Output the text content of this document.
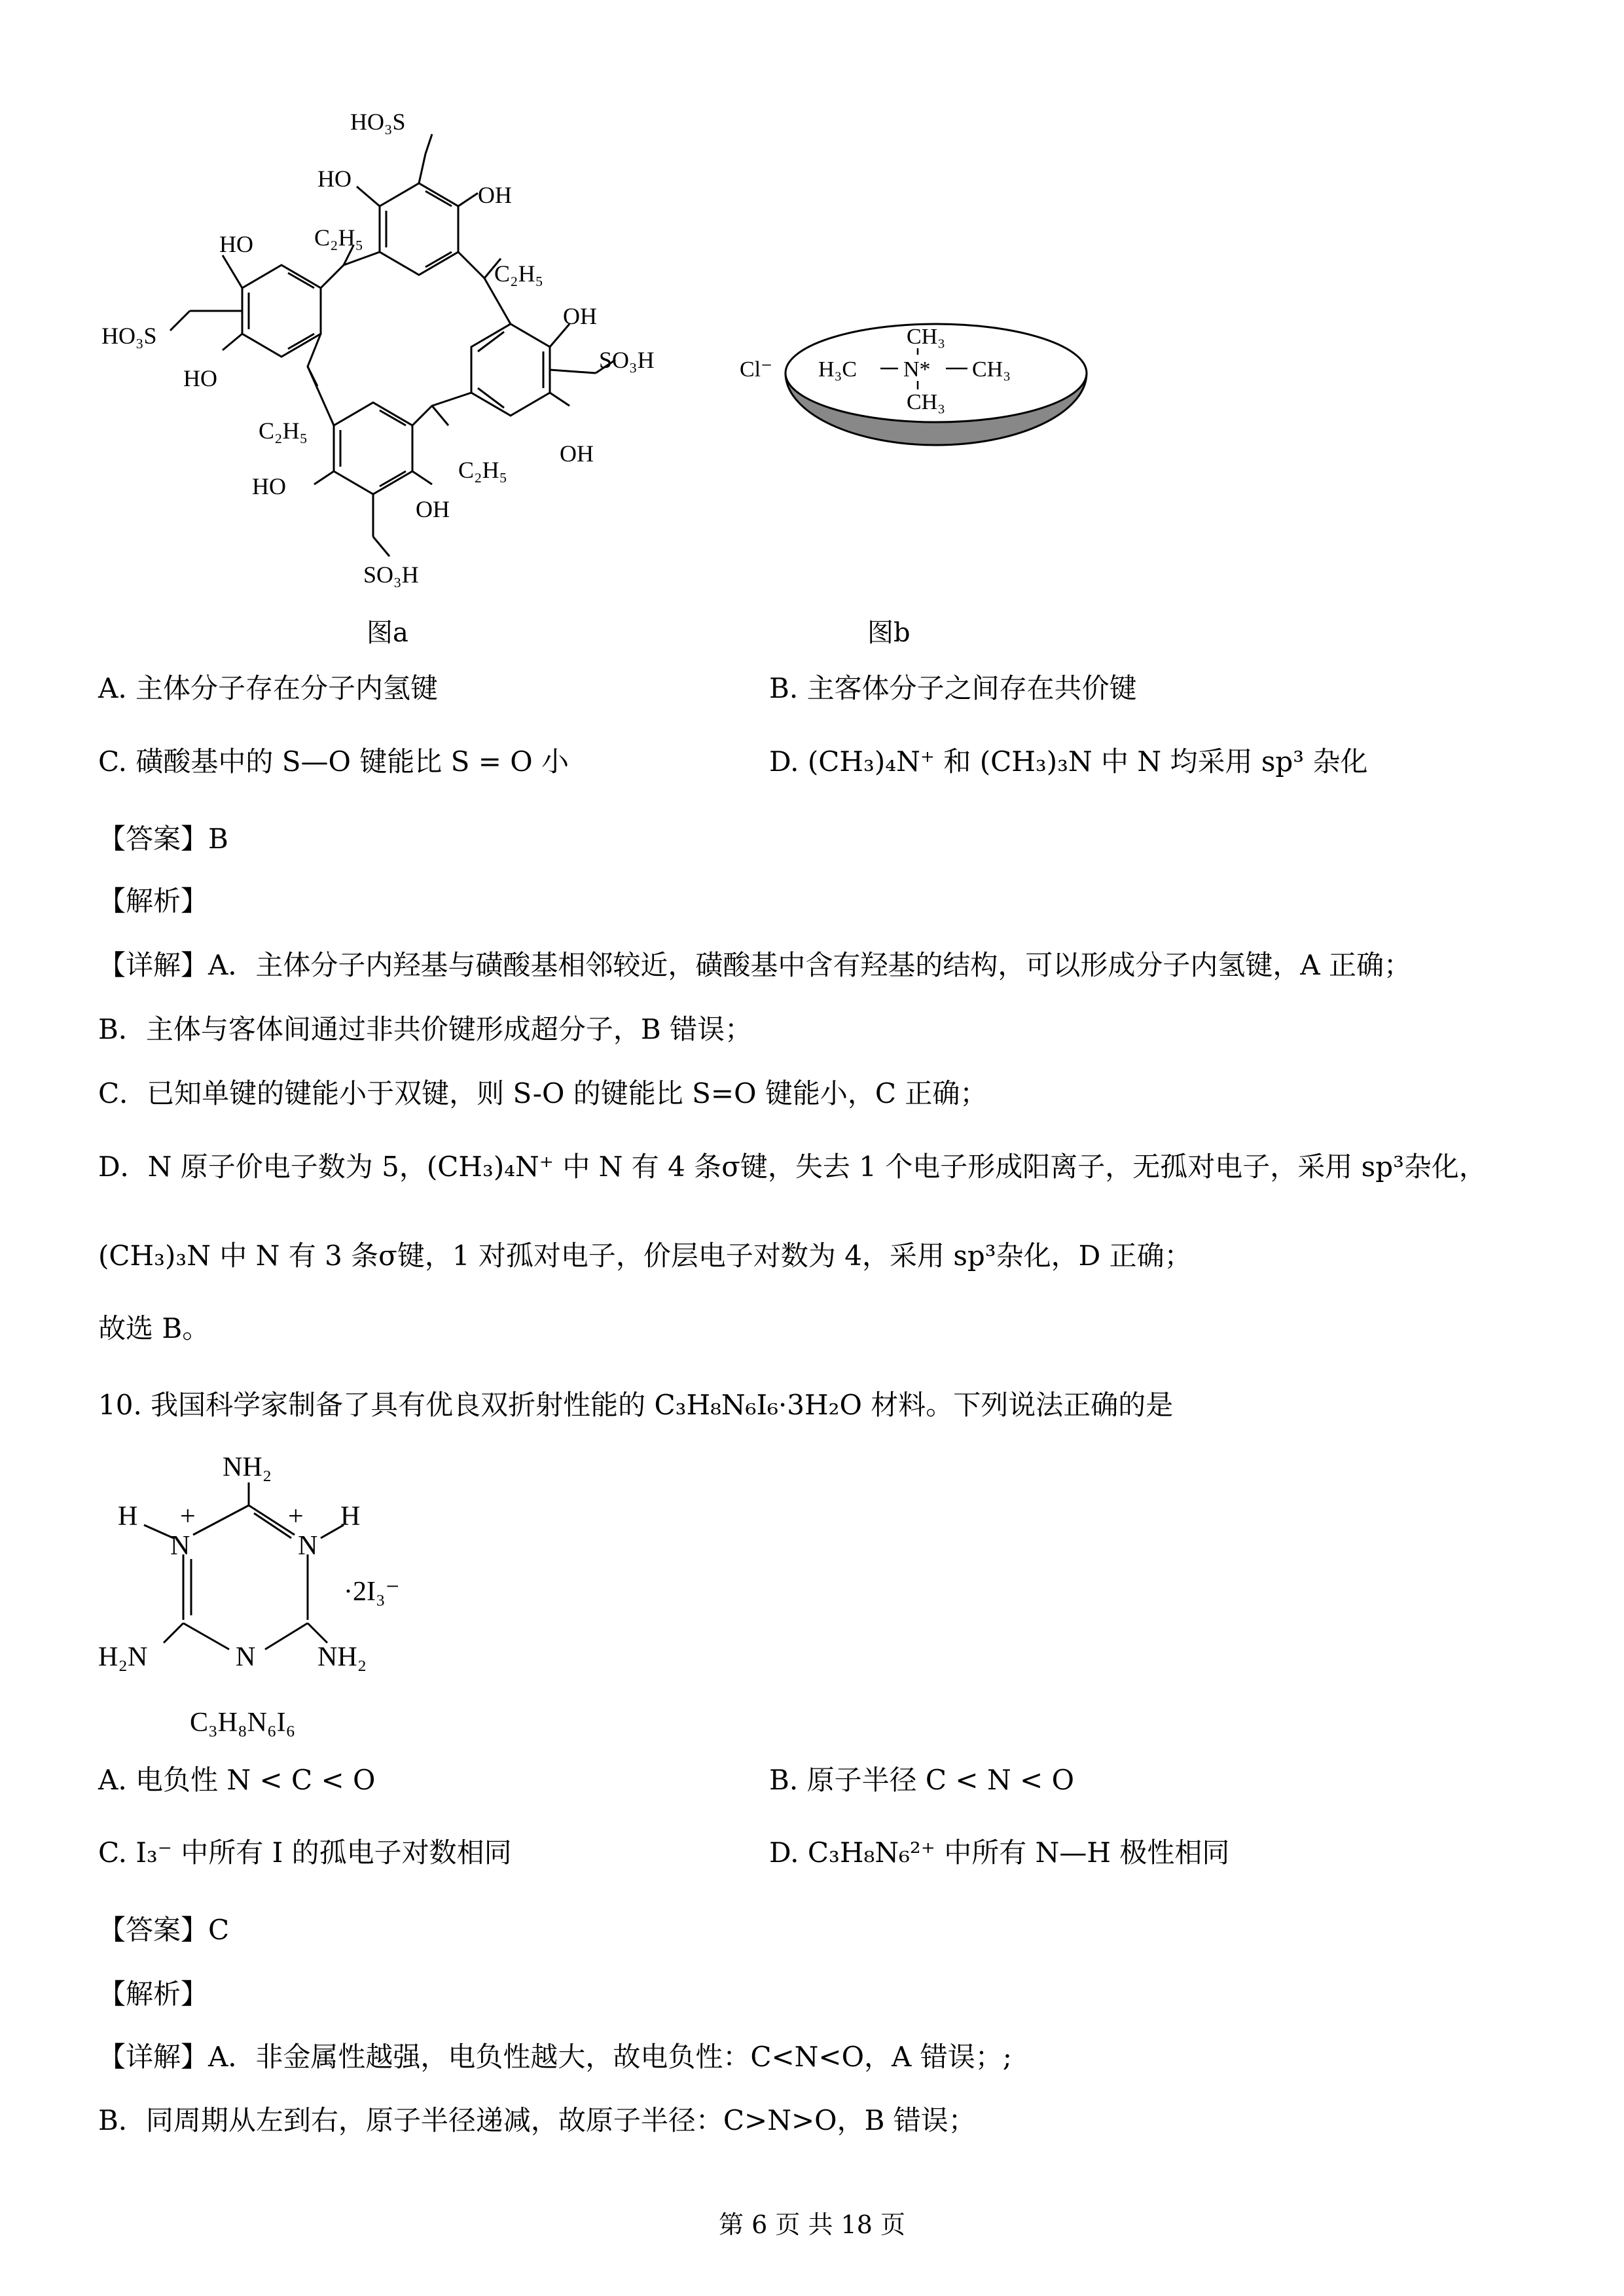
HO₃S
HO
OH
HO	C₂H₅
C₂H₅
HO₃S
HO
OH
SO₃H
C₂H₅
OH
C₂H₅
HO
OH
SO₃H
图a
Cl⁻
CH₃
H₃C N* CH₃
CH₃
图b
A. 主体分子存在分子内氢键	B. 主客体分子之间存在共价键
C. 磺酸基中的 S—O 键能比 S = O 小	D. (CH₃)₄N⁺ 和 (CH₃)₃N 中 N 均采用 sp³ 杂化
【答案】B
【解析】
【详解】A．主体分子内羟基与磺酸基相邻较近，磺酸基中含有羟基的结构，可以形成分子内氢键，A 正确；
B．主体与客体间通过非共价键形成超分子，B 错误；
C．已知单键的键能小于双键，则 S-O 的键能比 S=O 键能小，C 正确；
D．N 原子价电子数为 5，(CH₃)₄N⁺ 中 N 有 4 条σ键，失去 1 个电子形成阳离子，无孤对电子，采用 sp³杂化，
(CH₃)₃N 中 N 有 3 条σ键，1 对孤对电子，价层电子对数为 4，采用 sp³杂化，D 正确；
故选 B。
10. 我国科学家制备了具有优良双折射性能的 C₃H₈N₆I₆·3H₂O 材料。下列说法正确的是
NH₂
H +
N
+
N
H
·2I₃⁻
H₂N	N NH₂
C₃H₈N₆I₆
A. 电负性 N < C < O	B. 原子半径 C < N < O
C. I₃⁻ 中所有 I 的孤电子对数相同	D. C₃H₈N₆²⁺ 中所有 N—H 极性相同
【答案】C
【解析】
【详解】A．非金属性越强，电负性越大，故电负性：C<N<O，A 错误；;
B．同周期从左到右，原子半径递减，故原子半径：C>N>O，B 错误；
第 6 页 共 18 页
